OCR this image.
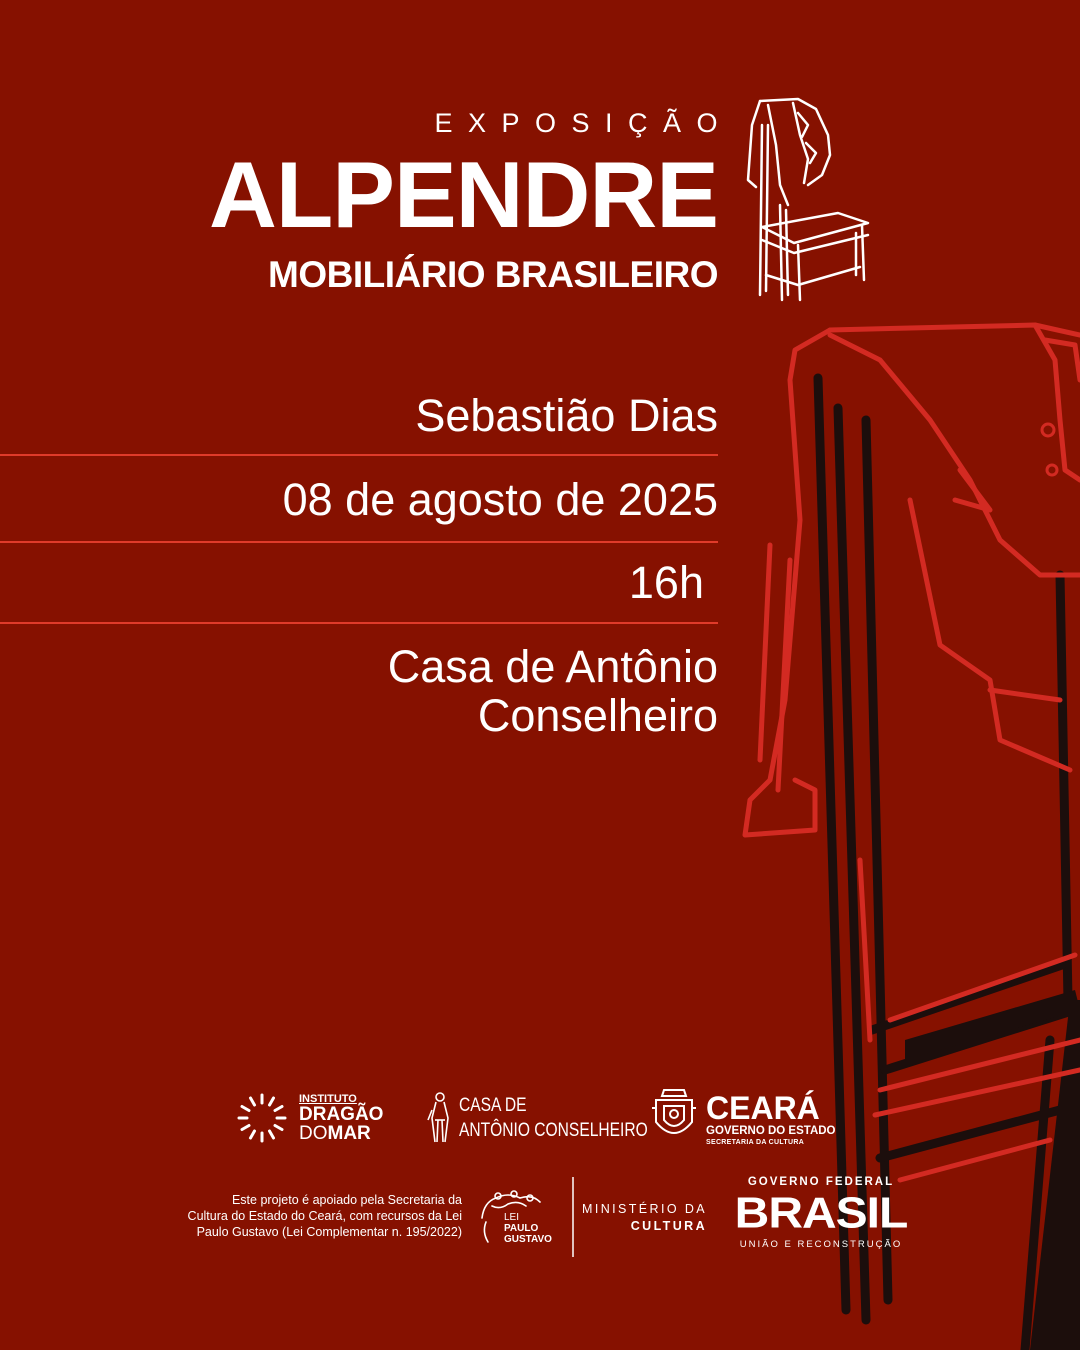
EXPOSIÇÃO
ALPENDRE
MOBILIÁRIO BRASILEIRO
Sebastião Dias
08 de agosto de 2025
16h
Casa de Antônio
Conselheiro
INSTITUTO
DRAGÃO
DOMAR
CASA DE
ANTÔNIO CONSELHEIRO
CEARÁ
GOVERNO DO ESTADO
SECRETARIA DA CULTURA
Este projeto é apoiado pela Secretaria da
Cultura do Estado do Ceará, com recursos da Lei
Paulo Gustavo (Lei Complementar n. 195/2022)
LEI
PAULO
GUSTAVO
MINISTÉRIO DA
CULTURA
GOVERNO FEDERAL
BRASIL
UNIÃO E RECONSTRUÇÃO
